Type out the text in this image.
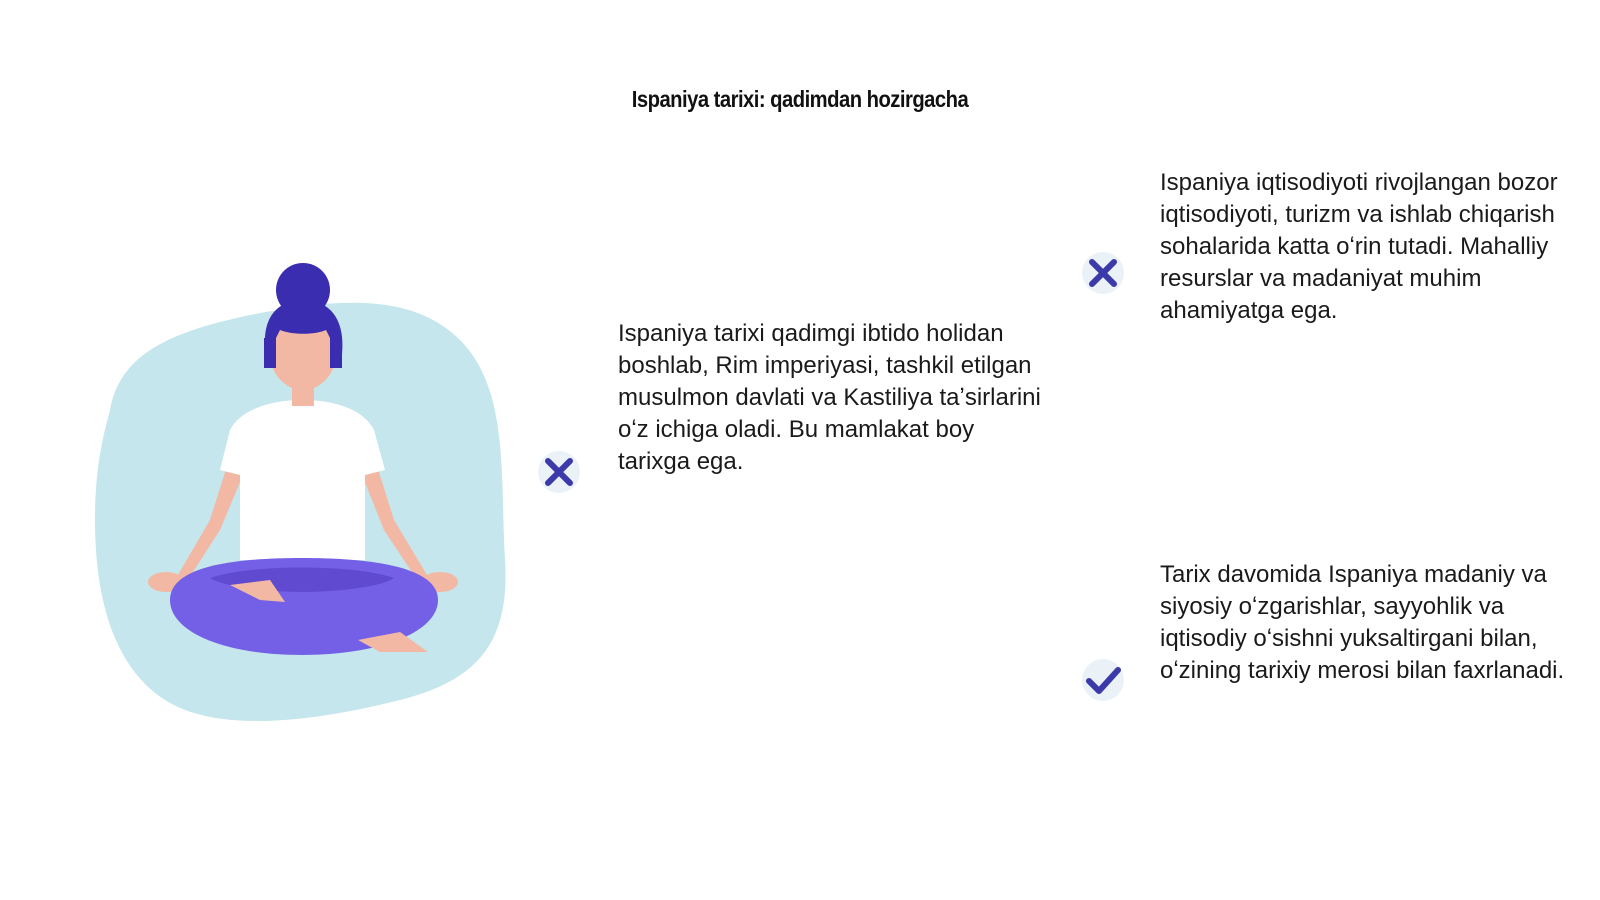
Ispaniya tarixi: qadimdan hozirgacha

Ispaniya tarixi qadimgi ibtido holidan boshlab, Rim imperiyasi, tashkil etilgan musulmon davlati va Kastiliya taʼsirlarini oʻz ichiga oladi. Bu mamlakat boy tarixga ega.

Ispaniya iqtisodiyoti rivojlangan bozor iqtisodiyoti, turizm va ishlab chiqarish sohalarida katta oʻrin tutadi. Mahalliy resurslar va madaniyat muhim ahamiyatga ega.

Tarix davomida Ispaniya madaniy va siyosiy oʻzgarishlar, sayyohlik va iqtisodiy oʻsishni yuksaltirgani bilan, oʻzining tarixiy merosi bilan faxrlanadi.
